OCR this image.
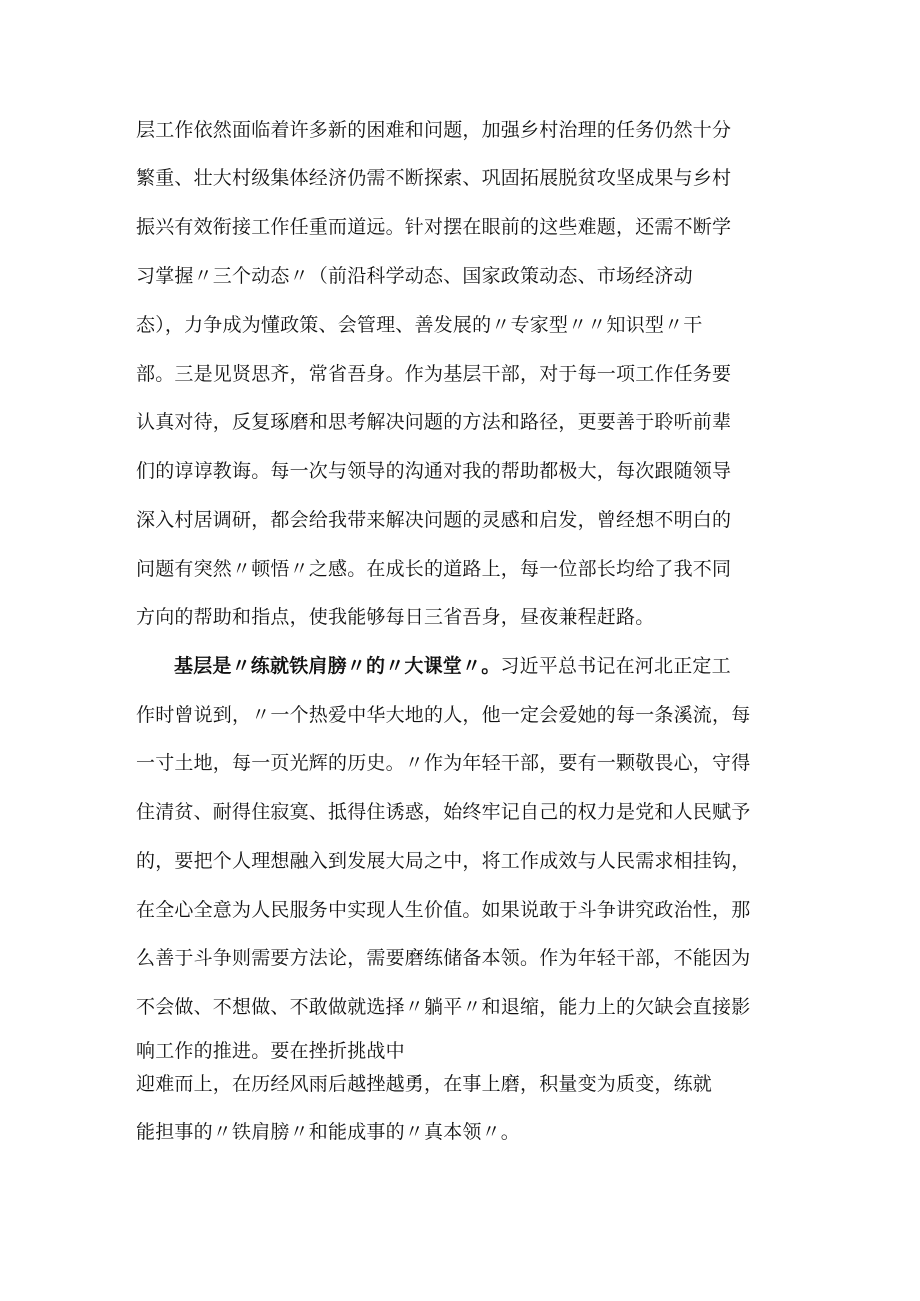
层工作依然面临着许多新的困难和问题，加强乡村治理的任务仍然十分
繁重、壮大村级集体经济仍需不断探索、巩固拓展脱贫攻坚成果与乡村
振兴有效衔接工作任重而道远。针对摆在眼前的这些难题，还需不断学
习掌握〃三个动态〃（前沿科学动态、国家政策动态、市场经济动
态），力争成为懂政策、会管理、善发展的〃专家型〃〃知识型〃干
部。三是见贤思齐，常省吾身。作为基层干部，对于每一项工作任务要
认真对待，反复琢磨和思考解决问题的方法和路径，更要善于聆听前辈
们的谆谆教诲。每一次与领导的沟通对我的帮助都极大，每次跟随领导
深入村居调研，都会给我带来解决问题的灵感和启发，曾经想不明白的
问题有突然〃顿悟〃之感。在成长的道路上，每一位部长均给了我不同
方向的帮助和指点，使我能够每日三省吾身，昼夜兼程赶路。
基层是〃练就铁肩膀〃的〃大课堂〃。习近平总书记在河北正定工
作时曾说到，〃一个热爱中华大地的人，他一定会爱她的每一条溪流，每
一寸土地，每一页光辉的历史。〃作为年轻干部，要有一颗敬畏心，守得
住清贫、耐得住寂寞、抵得住诱惑，始终牢记自己的权力是党和人民赋予
的，要把个人理想融入到发展大局之中，将工作成效与人民需求相挂钩，
在全心全意为人民服务中实现人生价值。如果说敢于斗争讲究政治性，那
么善于斗争则需要方法论，需要磨练储备本领。作为年轻干部，不能因为
不会做、不想做、不敢做就选择〃躺平〃和退缩，能力上的欠缺会直接影
响工作的推进。要在挫折挑战中
迎难而上，在历经风雨后越挫越勇，在事上磨，积量变为质变，练就
能担事的〃铁肩膀〃和能成事的〃真本领〃。
